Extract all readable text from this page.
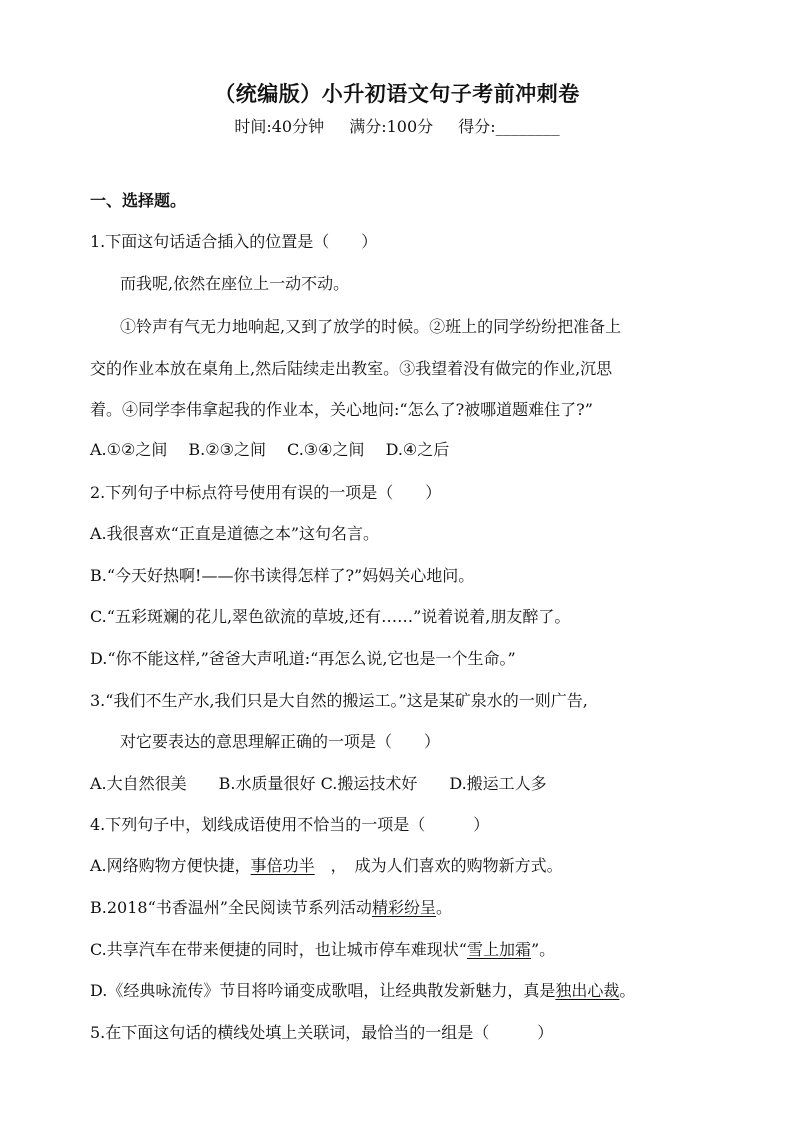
（统编版）小升初语文句子考前冲刺卷
时间:40分钟 满分:100分 得分:________
一、选择题。
1.下面这句话适合插入的位置是（　　）
而我呢,依然在座位上一动不动。
①铃声有气无力地响起,又到了放学的时候。②班上的同学纷纷把准备上
交的作业本放在桌角上,然后陆续走出教室。③我望着没有做完的作业,沉思
着。④同学李伟拿起我的作业本，关心地问:“怎么了?被哪道题难住了?”
A.①②之间　 B.②③之间　 C.③④之间　 D.④之后
2.下列句子中标点符号使用有误的一项是（　　）
A.我很喜欢“正直是道德之本”这句名言。
B.“今天好热啊!——你书读得怎样了?”妈妈关心地问。
C.“五彩斑斓的花儿,翠色欲流的草坡,还有……”说着说着,朋友醉了。
D.“你不能这样,”爸爸大声吼道:“再怎么说,它也是一个生命。”
3.“我们不生产水,我们只是大自然的搬运工。”这是某矿泉水的一则广告,
对它要表达的意思理解正确的一项是（　　）
A.大自然很美　　B.水质量很好 C.搬运技术好　　D.搬运工人多
4.下列句子中，划线成语使用不恰当的一项是（　　　）
A.网络购物方便快捷，事倍功半　，　成为人们喜欢的购物新方式。
B.2018“书香温州”全民阅读节系列活动精彩纷呈。
C.共享汽车在带来便捷的同时，也让城市停车难现状“雪上加霜”。
D.《经典咏流传》节目将吟诵变成歌唱，让经典散发新魅力，真是独出心裁。
5.在下面这句话的横线处填上关联词，最恰当的一组是（　　　）
